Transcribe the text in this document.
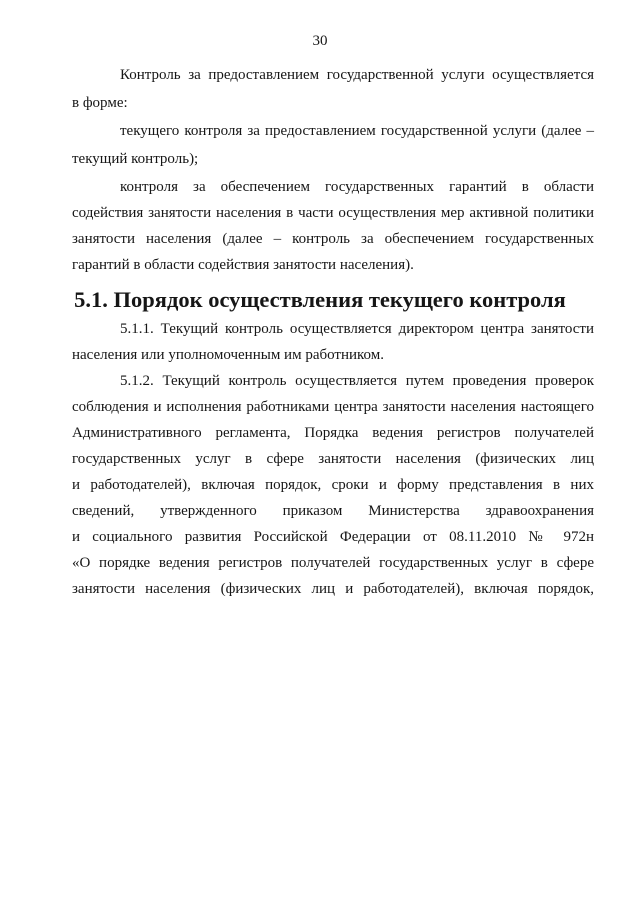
30

Контроль за предоставлением государственной услуги осуществляется

в форме:

текущего контроля за предоставлением государственной услуги (далее –

текущий контроль);

контроля за обеспечением государственных гарантий в области

содействия занятости населения в части осуществления мер активной политики

занятости населения (далее – контроль за обеспечением государственных

гарантий в области содействия занятости населения).

5.1. Порядок осуществления текущего контроля

5.1.1. Текущий контроль осуществляется директором центра занятости

населения или уполномоченным им работником.

5.1.2. Текущий контроль осуществляется путем проведения проверок

соблюдения и исполнения работниками центра занятости населения настоящего

Административного регламента, Порядка ведения регистров получателей

государственных услуг в сфере занятости населения (физических лиц

и работодателей), включая порядок, сроки и форму представления в них

сведений, утвержденного приказом Министерства здравоохранения

и социального развития Российской Федерации от 08.11.2010 № 972н

«О порядке ведения регистров получателей государственных услуг в сфере

занятости населения (физических лиц и работодателей), включая порядок,
